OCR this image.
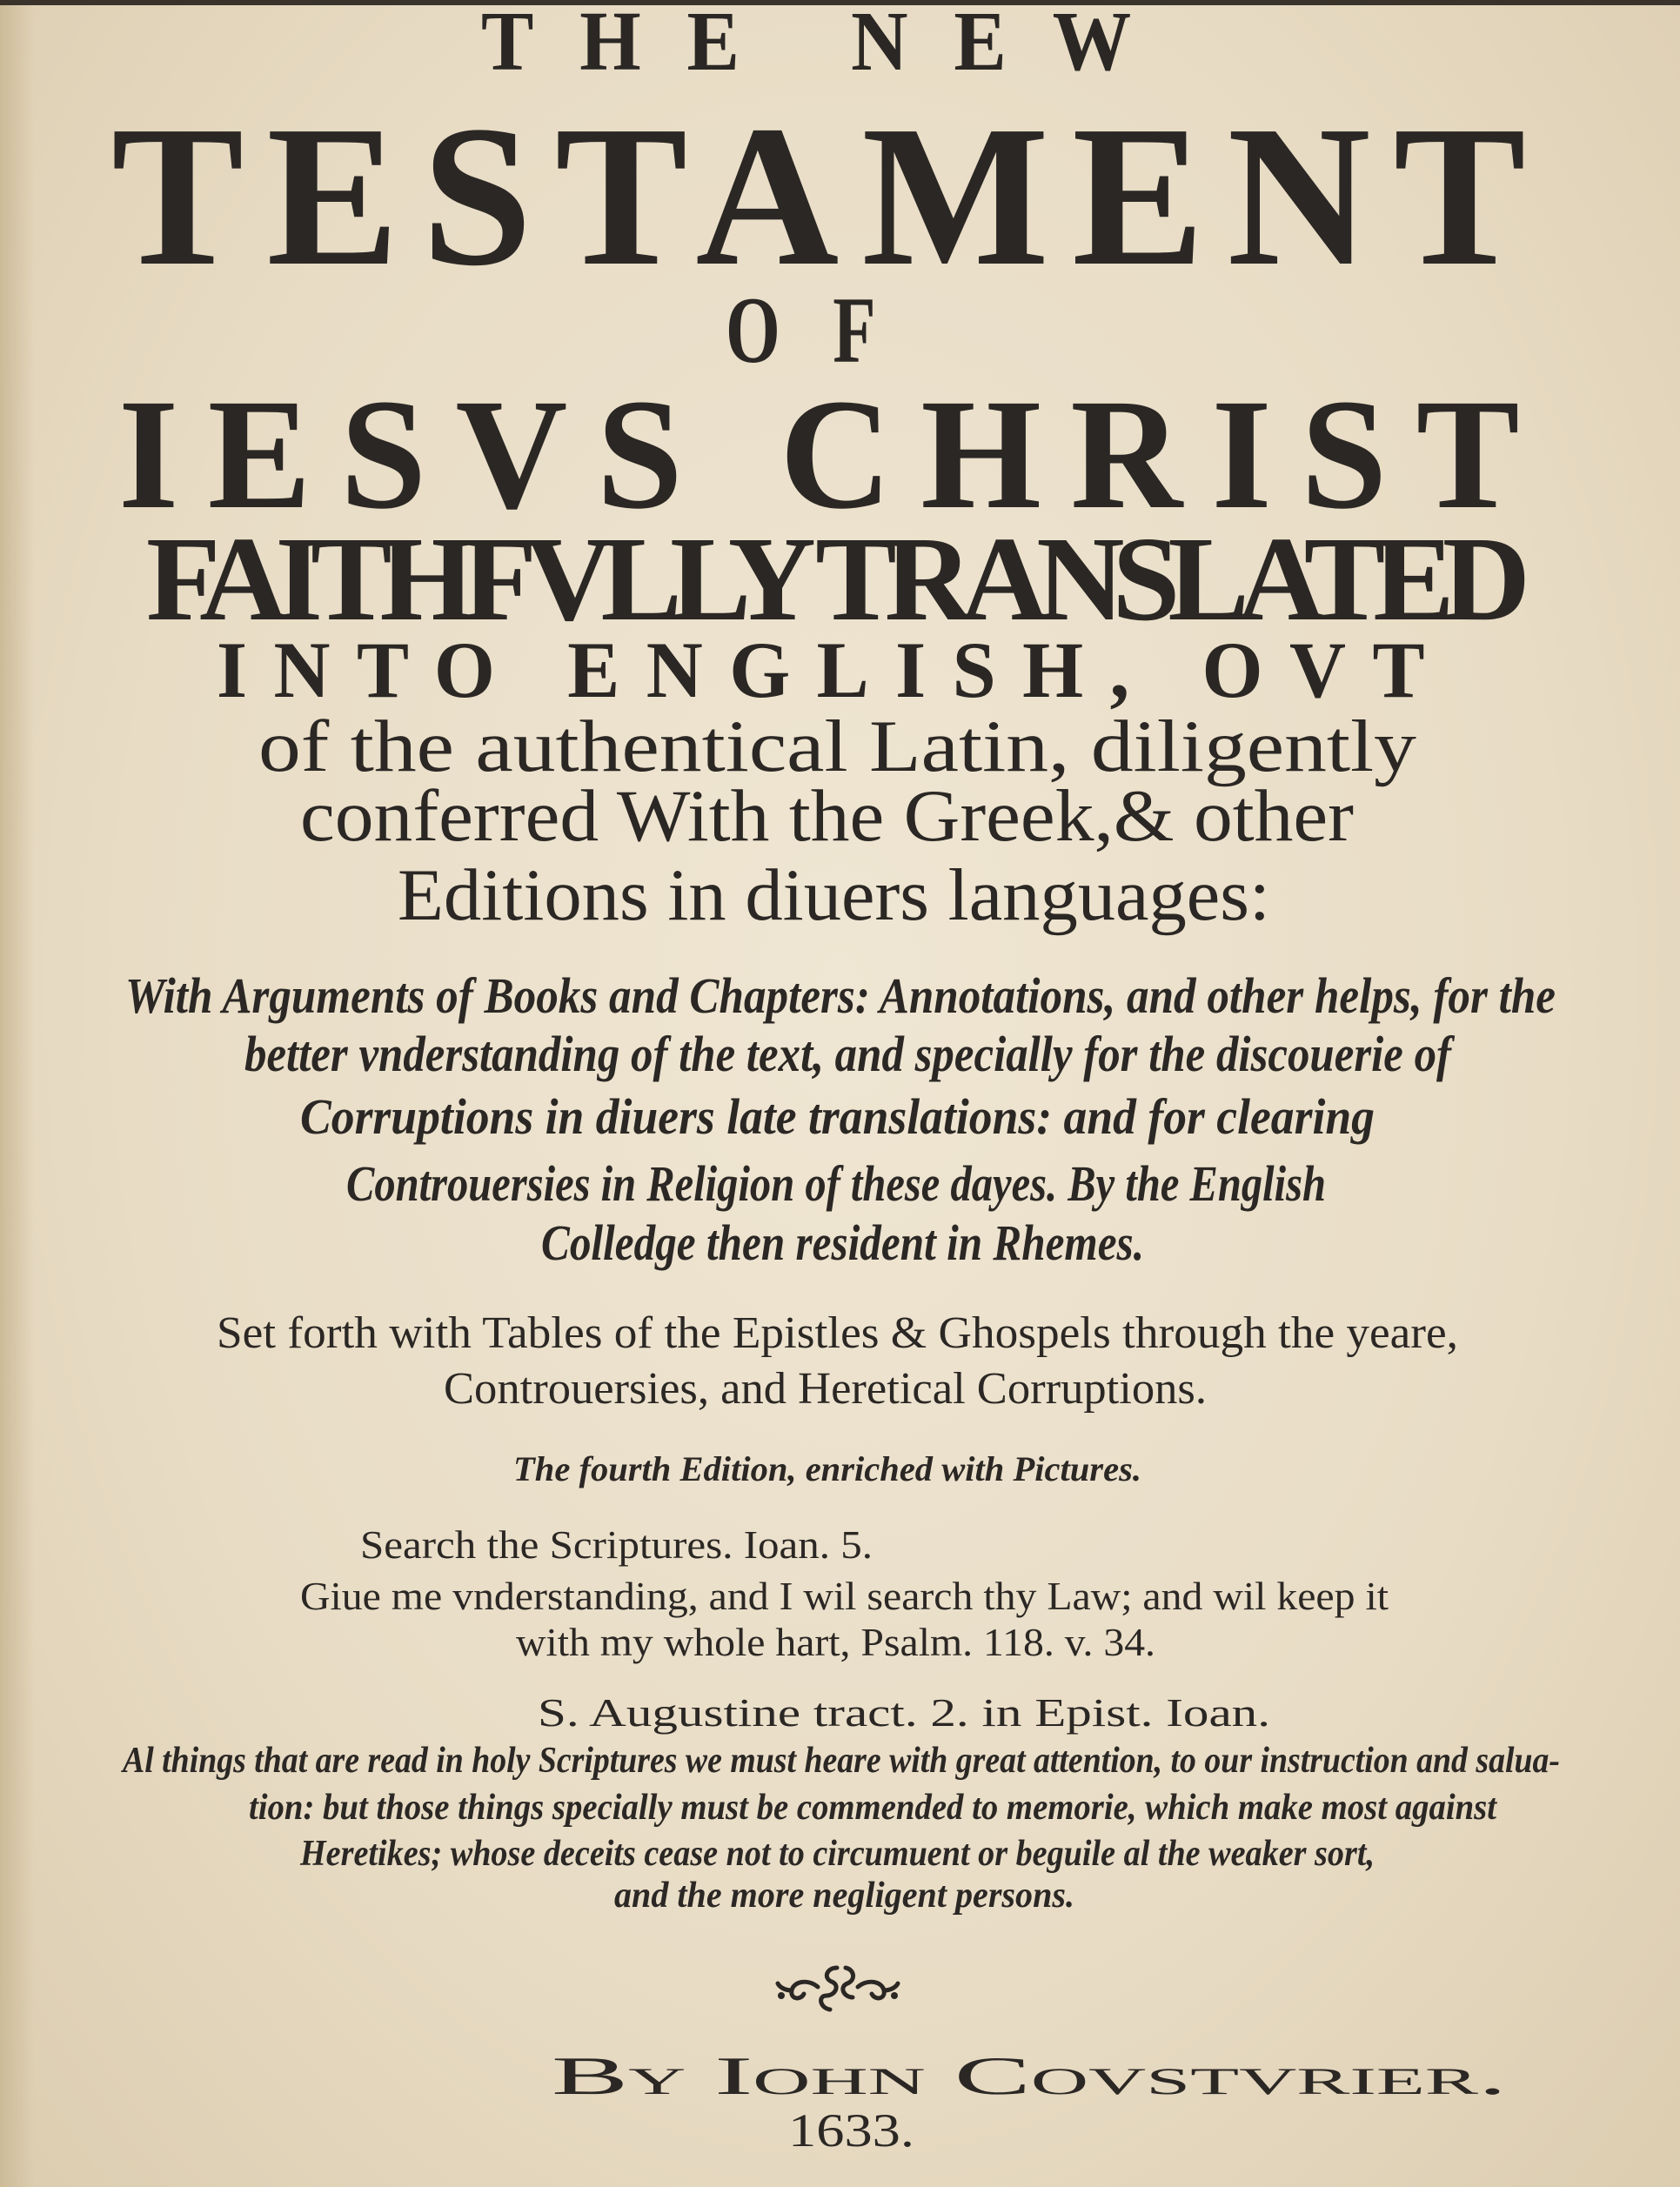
THE NEW
TESTAMENT
OF
IESVS CHRIST
FAITHFVLLY TRANSLATED
INTO ENGLISH, OVT
of the authentical Latin, diligently
conferred With the Greek,& other
Editions in diuers languages:
With Arguments of Books and Chapters: Annotations, and other helps, for the
better vnderstanding of the text, and specially for the discouerie of
Corruptions in diuers late translations: and for clearing
Controuersies in Religion of these dayes. By the English
Colledge then resident in Rhemes.
Set forth with Tables of the Epistles & Ghospels through the yeare,
Controuersies, and Heretical Corruptions.
The fourth Edition, enriched with Pictures.
Search the Scriptures. Ioan. 5.
Giue me vnderstanding, and I wil search thy Law; and wil keep it
with my whole hart, Psalm. 118. v. 34.
S. Augustine tract. 2. in Epist. Ioan.
Al things that are read in holy Scriptures we must heare with great attention, to our instruction and salua-
tion: but those things specially must be commended to memorie, which make most against
Heretikes; whose deceits cease not to circumuent or beguile al the weaker sort,
and the more negligent persons.
By Iohn Covstvrier.
1633.
